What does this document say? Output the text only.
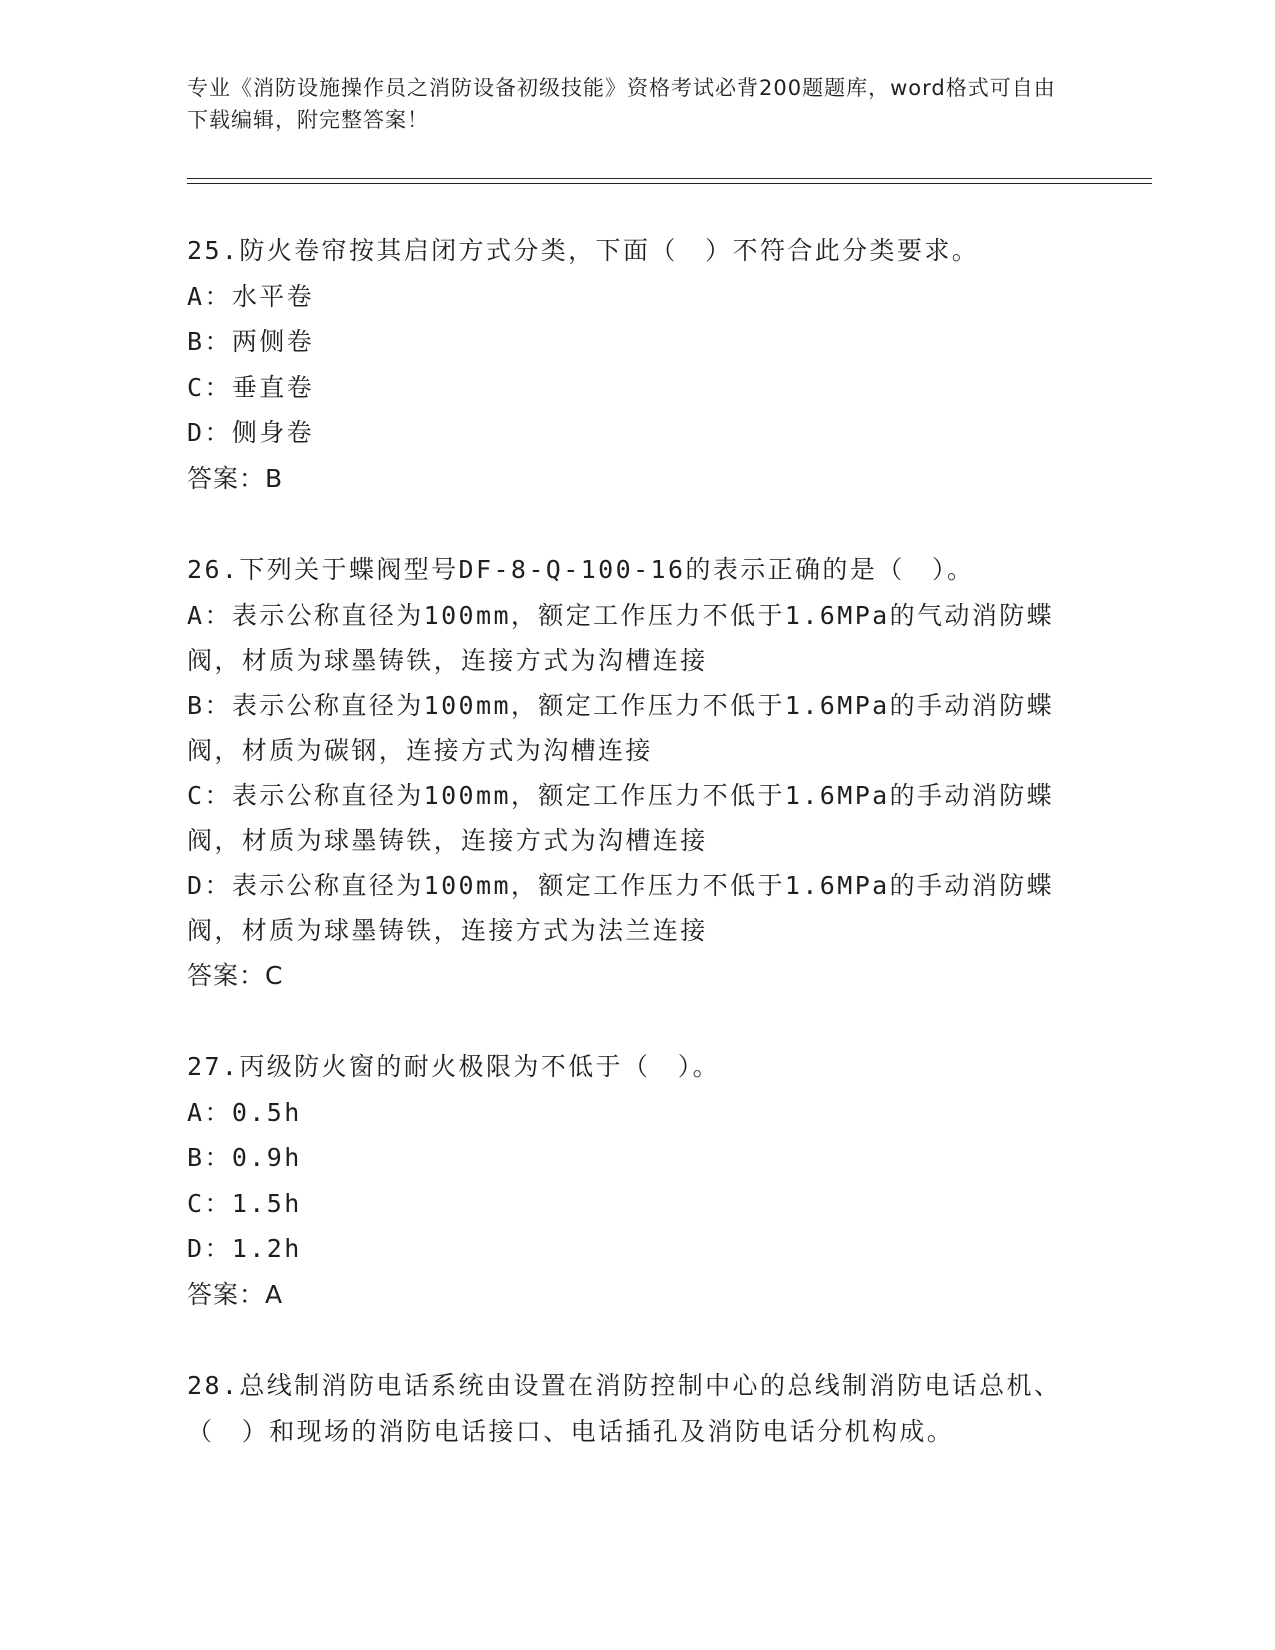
专业《消防设施操作员之消防设备初级技能》资格考试必背200题题库，word格式可自由下载编辑，附完整答案！
25.防火卷帘按其启闭方式分类，下面（　）不符合此分类要求。
A：水平卷
B：两侧卷
C：垂直卷
D：侧身卷
答案：B
26.下列关于蝶阀型号DF-8-Q-100-16的表示正确的是（　）。
A：表示公称直径为100mm，额定工作压力不低于1.6MPa的气动消防蝶阀，材质为球墨铸铁，连接方式为沟槽连接
B：表示公称直径为100mm，额定工作压力不低于1.6MPa的手动消防蝶阀，材质为碳钢，连接方式为沟槽连接
C：表示公称直径为100mm，额定工作压力不低于1.6MPa的手动消防蝶阀，材质为球墨铸铁，连接方式为沟槽连接
D：表示公称直径为100mm，额定工作压力不低于1.6MPa的手动消防蝶阀，材质为球墨铸铁，连接方式为法兰连接
答案：C
27.丙级防火窗的耐火极限为不低于（　）。
A：0.5h
B：0.9h
C：1.5h
D：1.2h
答案：A
28.总线制消防电话系统由设置在消防控制中心的总线制消防电话总机、（　）和现场的消防电话接口、电话插孔及消防电话分机构成。
